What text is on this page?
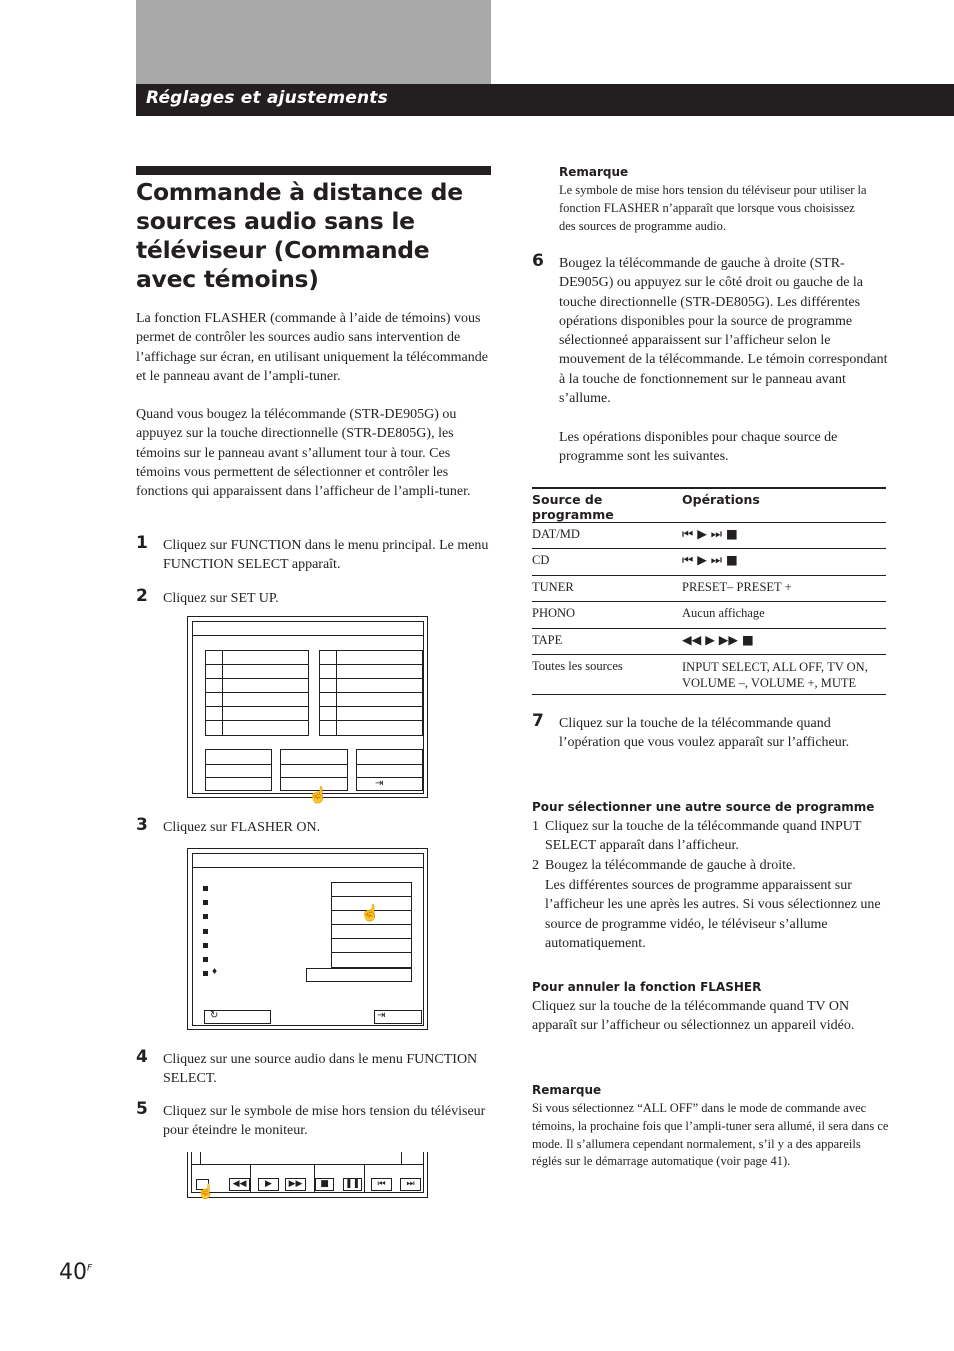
Réglages et ajustements
Commande à distance de sources audio sans le téléviseur (Commande avec témoins)
La fonction FLASHER (commande à l’aide de témoins) vous permet de contrôler les sources audio sans intervention de l’affichage sur écran, en utilisant uniquement la télécommande et le panneau avant de l’ampli-tuner.
Quand vous bougez la télécommande (STR-DE905G) ou appuyez sur la touche directionnelle (STR-DE805G), les témoins sur le panneau avant s’allument tour à tour. Ces témoins vous permettent de sélectionner et contrôler les fonctions qui apparaissent dans l’afficheur de l’ampli-tuner.
1 Cliquez sur FUNCTION dans le menu principal. Le menu FUNCTION SELECT apparaît.
2 Cliquez sur SET UP.
⇥
☝
3 Cliquez sur FLASHER ON.
♦
☝
↻	⇥
4 Cliquez sur une source audio dans le menu FUNCTION SELECT.
5 Cliquez sur le symbole de mise hors tension du téléviseur pour éteindre le moniteur.
☝
◀◀	▶	▶▶	■	❚❚	⏮	⏭
Remarque
Le symbole de mise hors tension du téléviseur pour utiliser la fonction FLASHER n’apparaît que lorsque vous choisissez des sources de programme audio.
6 Bougez la télécommande de gauche à droite (STR-DE905G) ou appuyez sur le côté droit ou gauche de la touche directionnelle (STR-DE805G). Les différentes opérations disponibles pour la source de programme sélectionneé apparaissent sur l’afficheur selon le mouvement de la télécommande. Le témoin correspondant à la touche de fonctionnement sur le panneau avant s’allume.
Les opérations disponibles pour chaque source de programme sont les suivantes.
Source de programme	Opérations
DAT/MD	⏮ ▶ ⏭ ■
CD	⏮ ▶ ⏭ ■
TUNER	PRESET– PRESET +
PHONO	Aucun affichage
TAPE	◀◀ ▶ ▶▶ ■
Toutes les sources	INPUT SELECT, ALL OFF, TV ON, VOLUME –, VOLUME +, MUTE
7 Cliquez sur la touche de la télécommande quand l’opération que vous voulez apparaît sur l’afficheur.
Pour sélectionner une autre source de programme
1 Cliquez sur la touche de la télécommande quand INPUT SELECT apparaît dans l’afficheur.
2 Bougez la télécommande de gauche à droite.
Les différentes sources de programme apparaissent sur l’afficheur les une après les autres. Si vous sélectionnez une source de programme vidéo, le téléviseur s’allume automatiquement.
Pour annuler la fonction FLASHER
Cliquez sur la touche de la télécommande quand TV ON apparaît sur l’afficheur ou sélectionnez un appareil vidéo.
Remarque
Si vous sélectionnez “ALL OFF” dans le mode de commande avec témoins, la prochaine fois que l’ampli-tuner sera allumé, il sera dans ce mode. Il s’allumera cependant normalement, s’il y a des appareils réglés sur le démarrage automatique (voir page 41).
$40^F$
